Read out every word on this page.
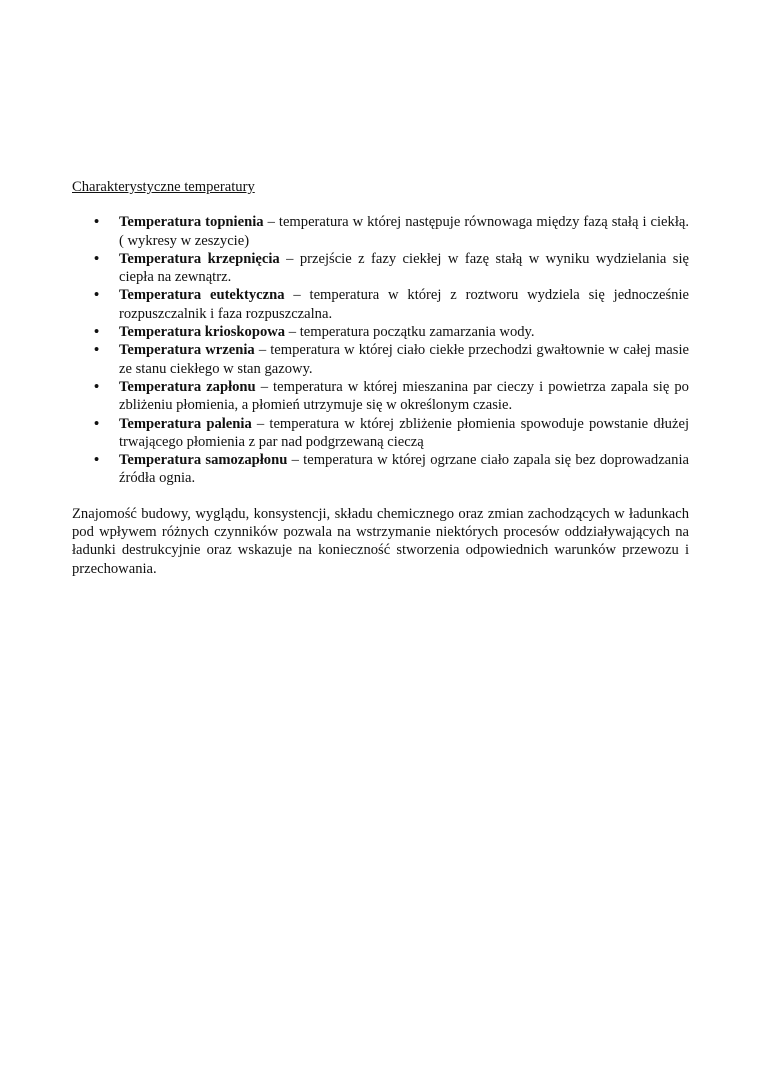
Charakterystyczne temperatury

• Temperatura topnienia – temperatura w której następuje równowaga między fazą stałą i ciekłą. ( wykresy w zeszycie)
• Temperatura krzepnięcia – przejście z fazy ciekłej w fazę stałą w wyniku wydzielania się ciepła na zewnątrz.
• Temperatura eutektyczna – temperatura w której z roztworu wydziela się jednocześnie rozpuszczalnik i faza rozpuszczalna.
• Temperatura krioskopowa – temperatura początku zamarzania wody.
• Temperatura wrzenia – temperatura w której ciało ciekłe przechodzi gwałtownie w całej masie ze stanu ciekłego w stan gazowy.
• Temperatura zapłonu – temperatura w której mieszanina par cieczy i powietrza zapala się po zbliżeniu płomienia, a płomień utrzymuje się w określonym czasie.
• Temperatura palenia – temperatura w której zbliżenie płomienia spowoduje powstanie dłużej trwającego płomienia z par nad podgrzewaną cieczą
• Temperatura samozapłonu – temperatura w której ogrzane ciało zapala się bez doprowadzania źródła ognia.

Znajomość budowy, wyglądu, konsystencji, składu chemicznego oraz zmian zachodzących w ładunkach pod wpływem różnych czynników pozwala na wstrzymanie niektórych procesów oddziaływających na ładunki destrukcyjnie oraz wskazuje na konieczność stworzenia odpowiednich warunków przewozu i przechowania.
